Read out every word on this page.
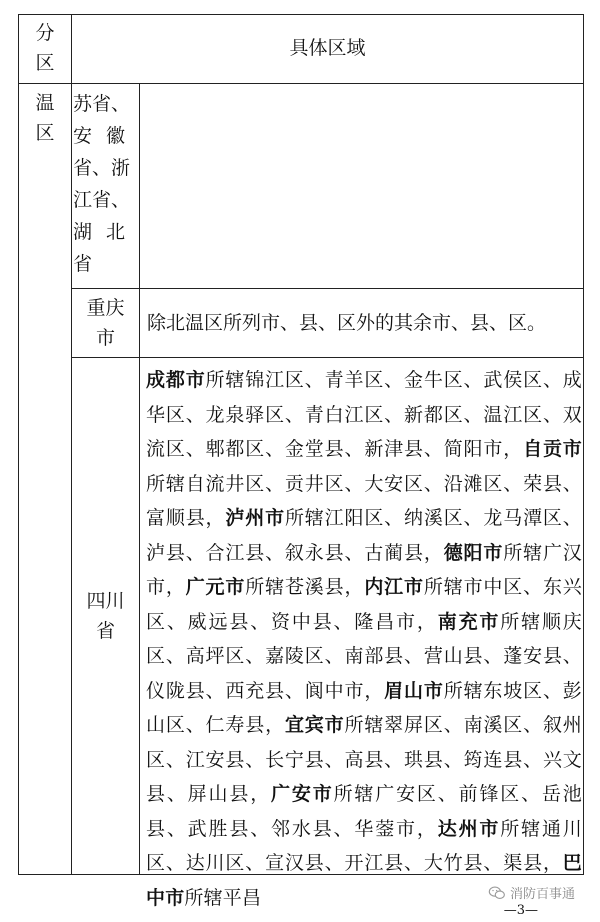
分
区
具体区域
温
区
苏省、
安 徽
省、浙
江省、
湖 北
省
重庆
市
除北温区所列市、县、区外的其余市、县、区。
四川
省
成都市所辖锦江区、青羊区、金牛区、武侯区、成华区、龙泉驿区、青白江区、新都区、温江区、双流区、郫都区、金堂县、新津县、简阳市，自贡市所辖自流井区、贡井区、大安区、沿滩区、荣县、富顺县，泸州市所辖江阳区、纳溪区、龙马潭区、泸县、合江县、叙永县、古蔺县，德阳市所辖广汉市，广元市所辖苍溪县，内江市所辖市中区、东兴区、威远县、资中县、隆昌市，南充市所辖顺庆区、高坪区、嘉陵区、南部县、营山县、蓬安县、仪陇县、西充县、阆中市，眉山市所辖东坡区、彭山区、仁寿县，宜宾市所辖翠屏区、南溪区、叙州区、江安县、长宁县、高县、珙县、筠连县、兴文县、屏山县，广安市所辖广安区、前锋区、岳池县、武胜县、邻水县、华蓥市，达州市所辖通川区、达川区、宣汉县、开江县、大竹县、渠县，巴中市所辖平昌	消防百事通
—3—
